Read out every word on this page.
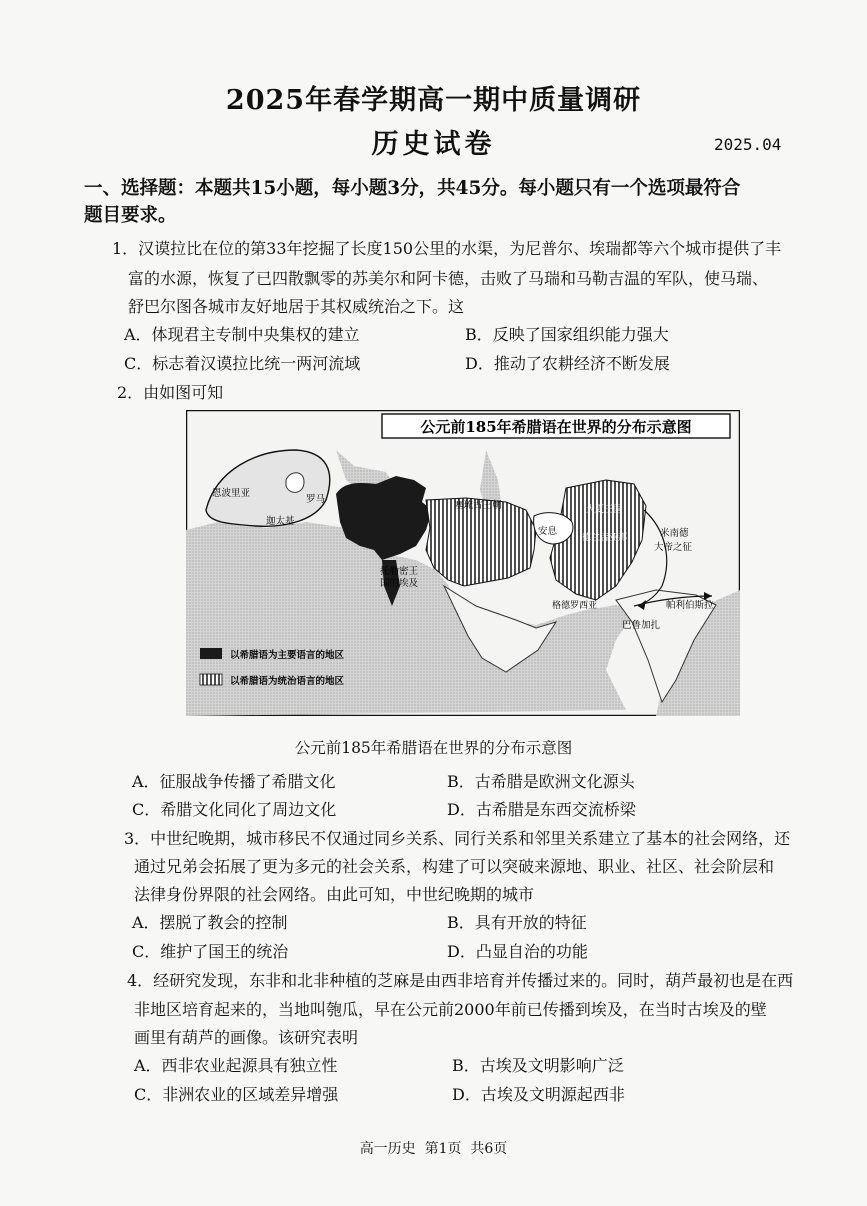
2025年春学期高一期中质量调研
历史试卷	2025.04
一、选择题：本题共15小题，每小题3分，共45分。每小题只有一个选项最符合
题目要求。
1．汉谟拉比在位的第33年挖掘了长度150公里的水渠，为尼普尔、埃瑞都等六个城市提供了丰
富的水源，恢复了已四散飘零的苏美尔和阿卡德，击败了马瑞和马勒吉温的军队，使马瑞、
舒巴尔图各城市友好地居于其权威统治之下。这
A．体现君主专制中央集权的建立	B．反映了国家组织能力强大
C．标志着汉谟拉比统一两河流域	D．推动了农耕经济不断发展
2．由如图可知
公元前185年希腊语在世界的分布示意图
恩波里亚
罗马
迦太基
托勒密王
国的埃及
塞琉古王朝
安息
大夏王国
德兰吉亚那
格德罗西亚
米南德
大帝之征
帕利伯斯拉
巴鲁加扎
以希腊语为主要语言的地区
以希腊语为统治语言的地区
公元前185年希腊语在世界的分布示意图
A．征服战争传播了希腊文化	B．古希腊是欧洲文化源头
C．希腊文化同化了周边文化	D．古希腊是东西交流桥梁
3．中世纪晚期，城市移民不仅通过同乡关系、同行关系和邻里关系建立了基本的社会网络，还
通过兄弟会拓展了更为多元的社会关系，构建了可以突破来源地、职业、社区、社会阶层和
法律身份界限的社会网络。由此可知，中世纪晚期的城市
A．摆脱了教会的控制	B．具有开放的特征
C．维护了国王的统治	D．凸显自治的功能
4．经研究发现，东非和北非种植的芝麻是由西非培育并传播过来的。同时，葫芦最初也是在西
非地区培育起来的，当地叫匏瓜，早在公元前2000年前已传播到埃及，在当时古埃及的壁
画里有葫芦的画像。该研究表明
A．西非农业起源具有独立性	B．古埃及文明影响广泛
C．非洲农业的区域差异增强	D．古埃及文明源起西非
高一历史  第1页  共6页
